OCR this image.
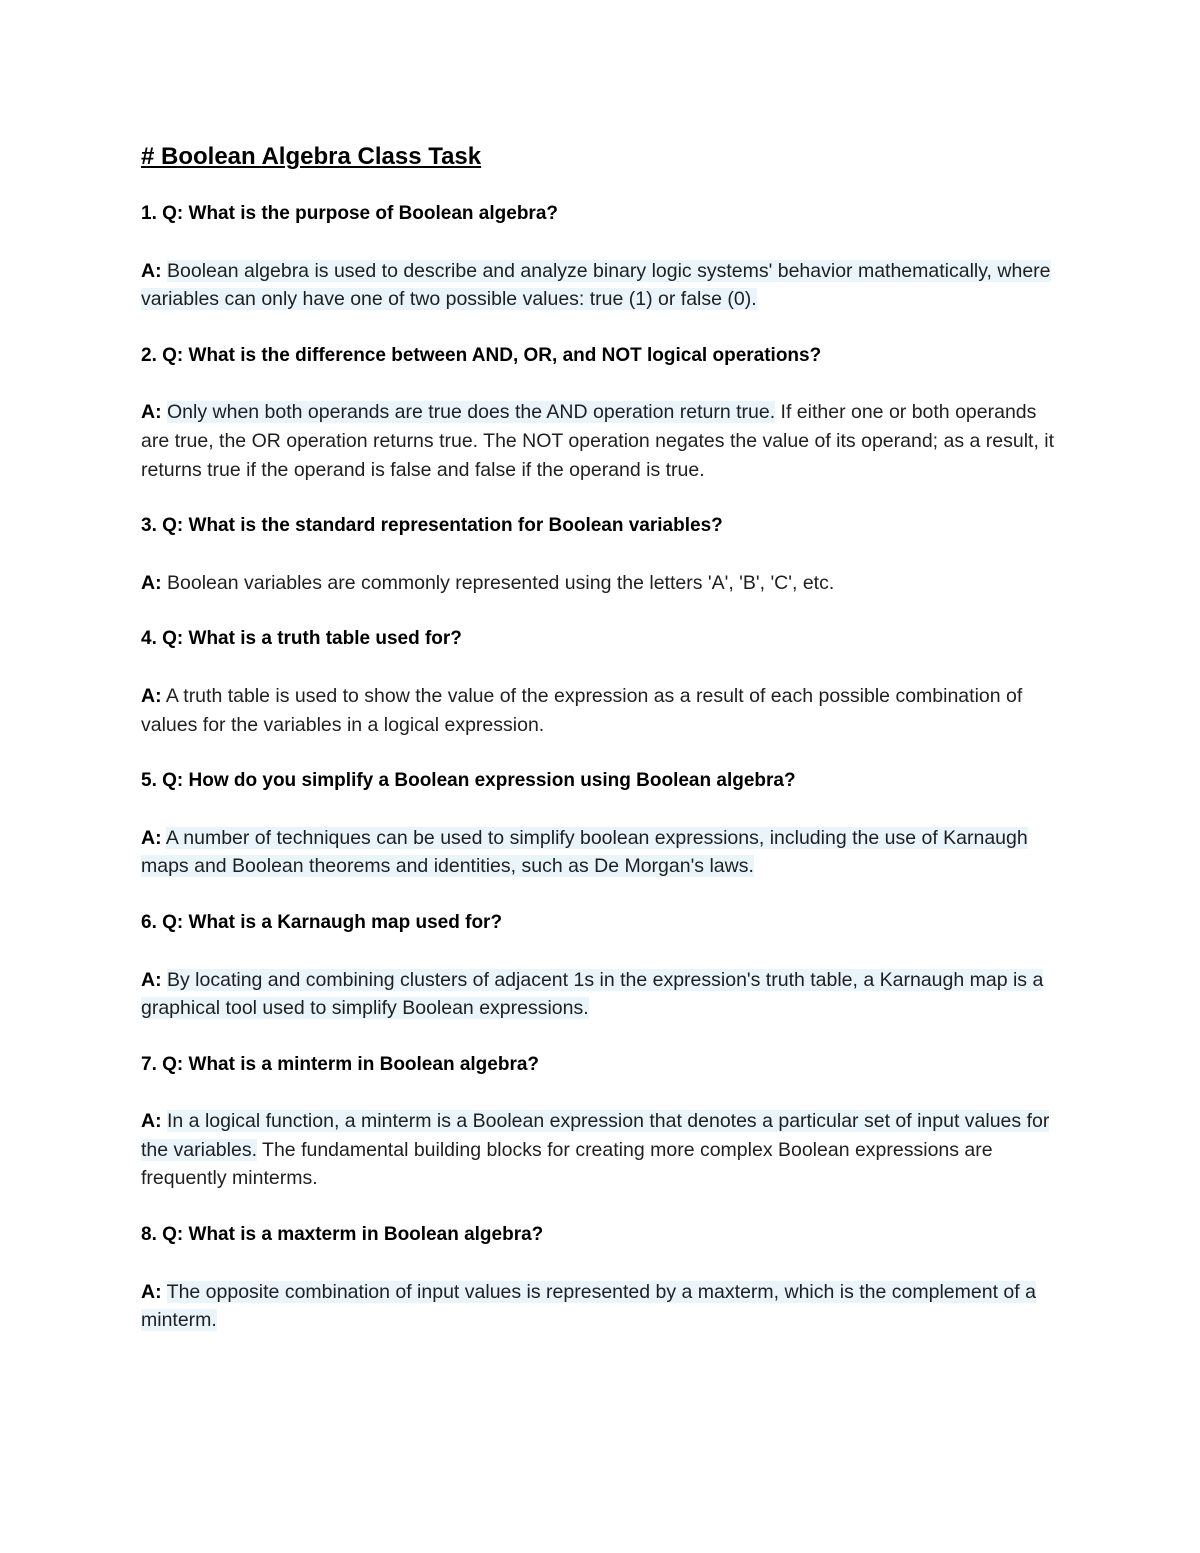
# Boolean Algebra Class Task

1. Q: What is the purpose of Boolean algebra?

A: Boolean algebra is used to describe and analyze binary logic systems' behavior mathematically, where variables can only have one of two possible values: true (1) or false (0).

2. Q: What is the difference between AND, OR, and NOT logical operations?

A: Only when both operands are true does the AND operation return true. If either one or both operands are true, the OR operation returns true. The NOT operation negates the value of its operand; as a result, it returns true if the operand is false and false if the operand is true.

3. Q: What is the standard representation for Boolean variables?

A: Boolean variables are commonly represented using the letters 'A', 'B', 'C', etc.

4. Q: What is a truth table used for?

A: A truth table is used to show the value of the expression as a result of each possible combination of values for the variables in a logical expression.

5. Q: How do you simplify a Boolean expression using Boolean algebra?

A: A number of techniques can be used to simplify boolean expressions, including the use of Karnaugh maps and Boolean theorems and identities, such as De Morgan's laws.

6. Q: What is a Karnaugh map used for?

A: By locating and combining clusters of adjacent 1s in the expression's truth table, a Karnaugh map is a graphical tool used to simplify Boolean expressions.

7. Q: What is a minterm in Boolean algebra?

A: In a logical function, a minterm is a Boolean expression that denotes a particular set of input values for the variables. The fundamental building blocks for creating more complex Boolean expressions are frequently minterms.

8. Q: What is a maxterm in Boolean algebra?

A: The opposite combination of input values is represented by a maxterm, which is the complement of a minterm.
